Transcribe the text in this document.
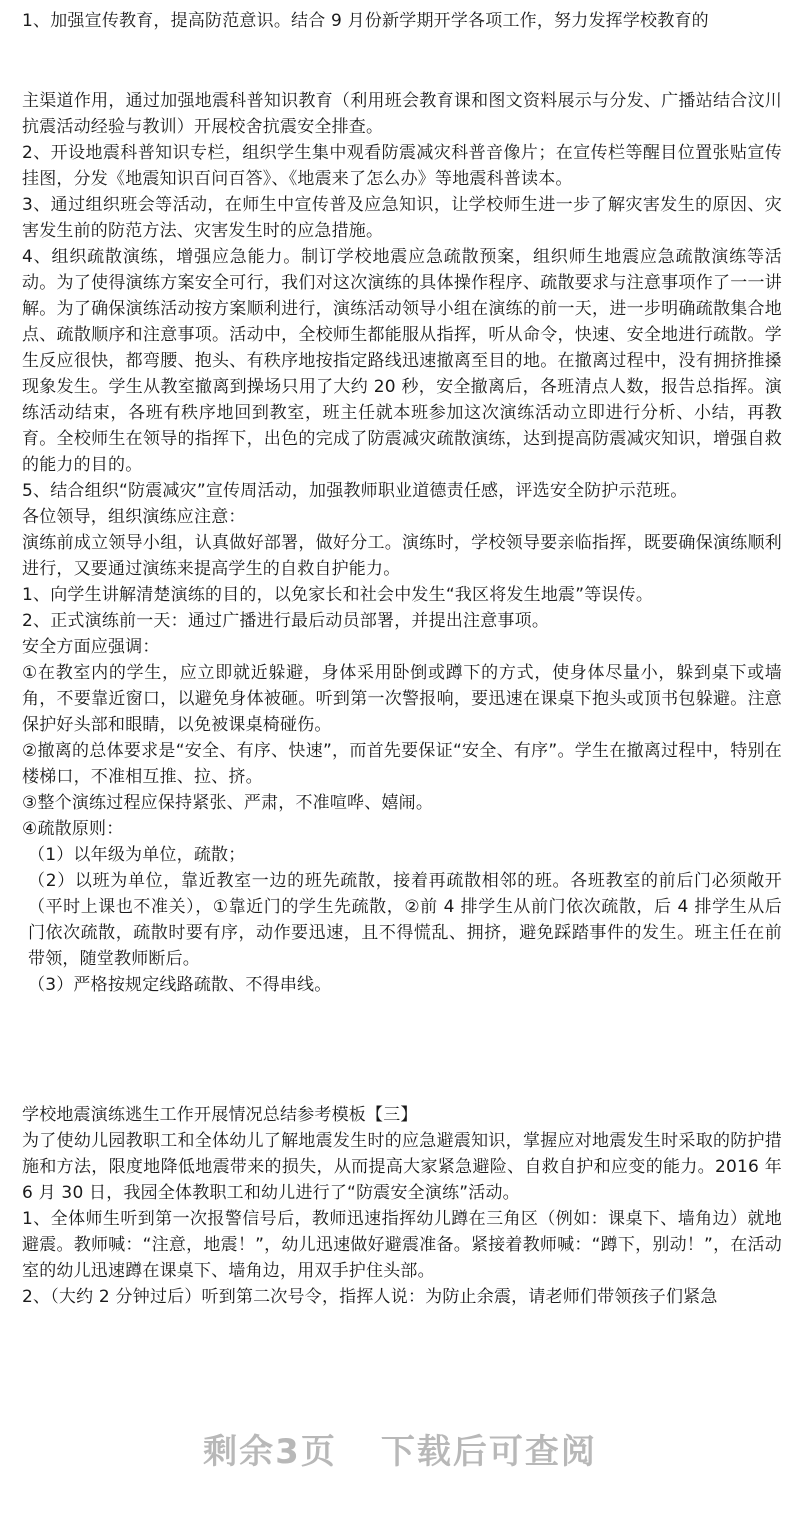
1、加强宣传教育，提高防范意识。结合 9 月份新学期开学各项工作，努力发挥学校教育的

主渠道作用，通过加强地震科普知识教育（利用班会教育课和图文资料展示与分发、广播站结合汶川抗震活动经验与教训）开展校舍抗震安全排查。

2、开设地震科普知识专栏，组织学生集中观看防震减灾科普音像片；在宣传栏等醒目位置张贴宣传挂图，分发《地震知识百问百答》、《地震来了怎么办》等地震科普读本。

3、通过组织班会等活动，在师生中宣传普及应急知识，让学校师生进一步了解灾害发生的原因、灾害发生前的防范方法、灾害发生时的应急措施。

4、组织疏散演练，增强应急能力。制订学校地震应急疏散预案，组织师生地震应急疏散演练等活动。为了使得演练方案安全可行，我们对这次演练的具体操作程序、疏散要求与注意事项作了一一讲解。为了确保演练活动按方案顺利进行，演练活动领导小组在演练的前一天，进一步明确疏散集合地点、疏散顺序和注意事项。活动中，全校师生都能服从指挥，听从命令，快速、安全地进行疏散。学生反应很快，都弯腰、抱头、有秩序地按指定路线迅速撤离至目的地。在撤离过程中，没有拥挤推搡现象发生。学生从教室撤离到操场只用了大约 20 秒，安全撤离后，各班清点人数，报告总指挥。演练活动结束，各班有秩序地回到教室，班主任就本班参加这次演练活动立即进行分析、小结，再教育。全校师生在领导的指挥下，出色的完成了防震减灾疏散演练，达到提高防震减灾知识，增强自救的能力的目的。

5、结合组织“防震减灾”宣传周活动，加强教师职业道德责任感，评选安全防护示范班。

各位领导，组织演练应注意：

演练前成立领导小组，认真做好部署，做好分工。演练时，学校领导要亲临指挥，既要确保演练顺利进行，又要通过演练来提高学生的自救自护能力。

1、向学生讲解清楚演练的目的，以免家长和社会中发生“我区将发生地震”等误传。

2、正式演练前一天：通过广播进行最后动员部署，并提出注意事项。

安全方面应强调：

①在教室内的学生，应立即就近躲避，身体采用卧倒或蹲下的方式，使身体尽量小，躲到桌下或墙角，不要靠近窗口，以避免身体被砸。听到第一次警报响，要迅速在课桌下抱头或顶书包躲避。注意保护好头部和眼睛，以免被课桌椅碰伤。

②撤离的总体要求是“安全、有序、快速”，而首先要保证“安全、有序”。学生在撤离过程中，特别在楼梯口，不准相互推、拉、挤。

③整个演练过程应保持紧张、严肃，不准喧哗、嬉闹。

④疏散原则：

（1）以年级为单位，疏散；

（2）以班为单位，靠近教室一边的班先疏散，接着再疏散相邻的班。各班教室的前后门必须敞开（平时上课也不准关），①靠近门的学生先疏散，②前 4 排学生从前门依次疏散，后 4 排学生从后门依次疏散，疏散时要有序，动作要迅速，且不得慌乱、拥挤，避免踩踏事件的发生。班主任在前带领，随堂教师断后。

（3）严格按规定线路疏散、不得串线。

学校地震演练逃生工作开展情况总结参考模板【三】

为了使幼儿园教职工和全体幼儿了解地震发生时的应急避震知识，掌握应对地震发生时采取的防护措施和方法，限度地降低地震带来的损失，从而提高大家紧急避险、自救自护和应变的能力。2016 年 6 月 30 日，我园全体教职工和幼儿进行了“防震安全演练”活动。

1、全体师生听到第一次报警信号后，教师迅速指挥幼儿蹲在三角区（例如：课桌下、墙角边）就地避震。教师喊：“注意，地震！”，幼儿迅速做好避震准备。紧接着教师喊：“蹲下，别动！”，在活动室的幼儿迅速蹲在课桌下、墙角边，用双手护住头部。

2、（大约 2 分钟过后）听到第二次号令，指挥人说：为防止余震，请老师们带领孩子们紧急

剩余3页 下载后可查阅
